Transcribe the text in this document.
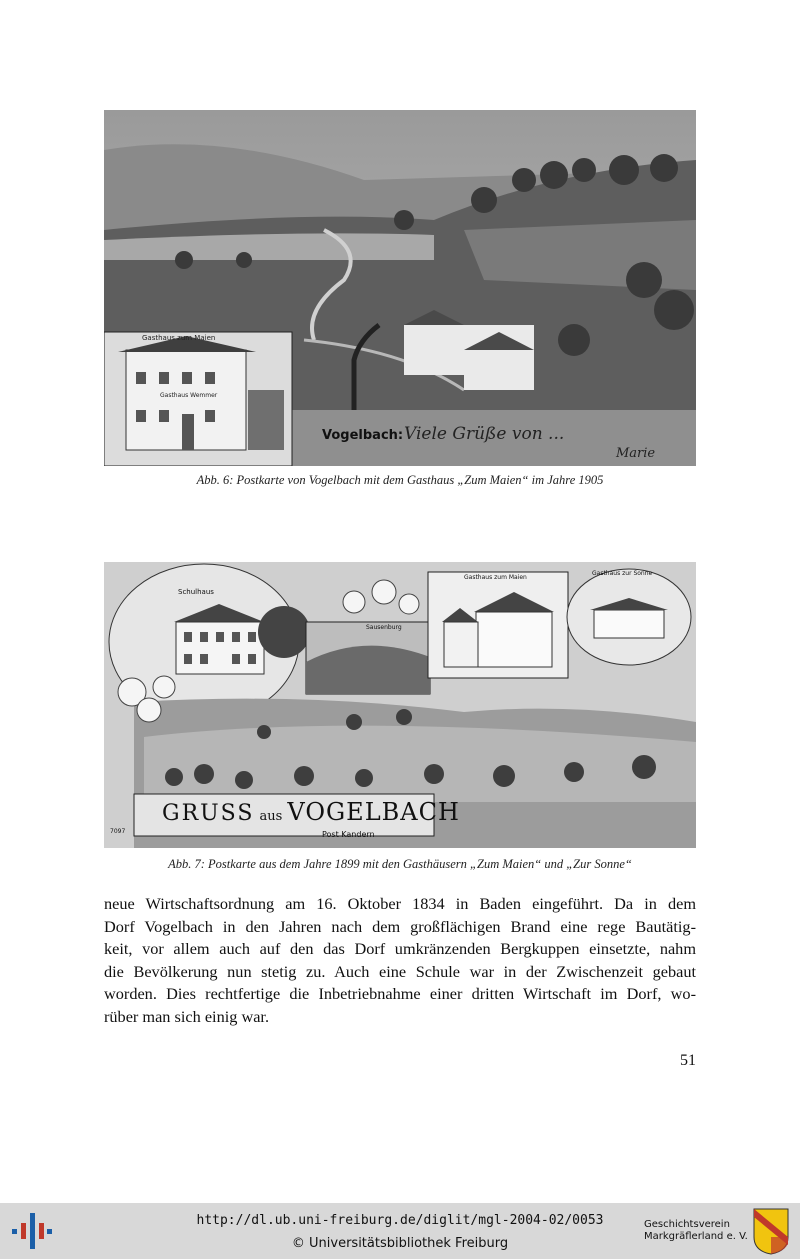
Gasthaus zum Maien
Gasthaus Wemmer
Vogelbach: Viele Grüße von ...
Marie
Abb. 6: Postkarte von Vogelbach mit dem Gasthaus „Zum Maien“ im Jahre 1905
Schulhaus
Sausenburg
Gasthaus zum Maien
Gasthaus zur Sonne
GRUSS aus VOGELBACH
Post Kandern
7097
Abb. 7: Postkarte aus dem Jahre 1899 mit den Gasthäusern „Zum Maien“ und „Zur Sonne“
neue Wirtschaftsordnung am 16. Oktober 1834 in Baden eingeführt. Da in dem
Dorf Vogelbach in den Jahren nach dem großflächigen Brand eine rege Bautätig-
keit, vor allem auch auf den das Dorf umkränzenden Bergkuppen einsetzte, nahm
die Bevölkerung nun stetig zu. Auch eine Schule war in der Zwischenzeit gebaut
worden. Dies rechtfertige die Inbetriebnahme einer dritten Wirtschaft im Dorf, wo-
rüber man sich einig war.
51
http://dl.ub.uni-freiburg.de/diglit/mgl-2004-02/0053
© Universitätsbibliothek Freiburg
Geschichtsverein
Markgräflerland e. V.
